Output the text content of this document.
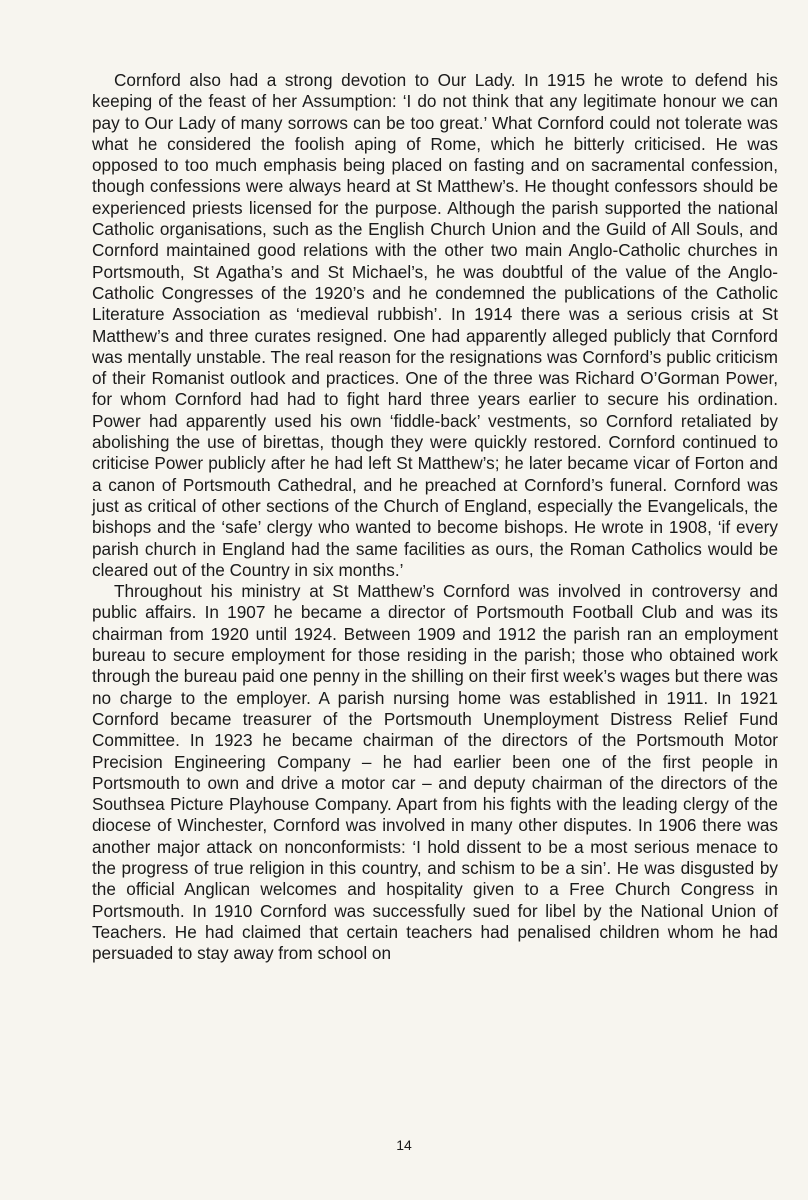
Cornford also had a strong devotion to Our Lady. In 1915 he wrote to defend his keeping of the feast of her Assumption: ‘I do not think that any legitimate honour we can pay to Our Lady of many sorrows can be too great.’ What Cornford could not tolerate was what he considered the foolish aping of Rome, which he bitterly criticised. He was opposed to too much emphasis being placed on fasting and on sacramental confession, though confessions were always heard at St Matthew’s. He thought confessors should be experienced priests licensed for the purpose. Although the parish supported the national Catholic organisations, such as the English Church Union and the Guild of All Souls, and Cornford maintained good relations with the other two main Anglo-Catholic churches in Portsmouth, St Agatha’s and St Michael’s, he was doubtful of the value of the Anglo-Catholic Congresses of the 1920’s and he condemned the publications of the Catholic Literature Association as ‘medieval rubbish’. In 1914 there was a serious crisis at St Matthew’s and three curates resigned. One had apparently alleged publicly that Cornford was mentally unstable. The real reason for the resignations was Cornford’s public criticism of their Romanist outlook and practices. One of the three was Richard O’Gorman Power, for whom Cornford had had to fight hard three years earlier to secure his ordination. Power had apparently used his own ‘fiddle-back’ vestments, so Cornford retaliated by abolishing the use of birettas, though they were quickly restored. Cornford continued to criticise Power publicly after he had left St Matthew’s; he later became vicar of Forton and a canon of Portsmouth Cathedral, and he preached at Cornford’s funeral. Cornford was just as critical of other sections of the Church of England, especially the Evangelicals, the bishops and the ‘safe’ clergy who wanted to become bishops. He wrote in 1908, ‘if every parish church in England had the same facilities as ours, the Roman Catholics would be cleared out of the Country in six months.’

Throughout his ministry at St Matthew’s Cornford was involved in controversy and public affairs. In 1907 he became a director of Portsmouth Football Club and was its chairman from 1920 until 1924. Between 1909 and 1912 the parish ran an employment bureau to secure employment for those residing in the parish; those who obtained work through the bureau paid one penny in the shilling on their first week’s wages but there was no charge to the employer. A parish nursing home was established in 1911. In 1921 Cornford became treasurer of the Portsmouth Unemployment Distress Relief Fund Committee. In 1923 he became chairman of the directors of the Portsmouth Motor Precision Engineering Company – he had earlier been one of the first people in Portsmouth to own and drive a motor car – and deputy chairman of the directors of the Southsea Picture Playhouse Company. Apart from his fights with the leading clergy of the diocese of Winchester, Cornford was involved in many other disputes. In 1906 there was another major attack on nonconformists: ‘I hold dissent to be a most serious menace to the progress of true religion in this country, and schism to be a sin’. He was disgusted by the official Anglican welcomes and hospitality given to a Free Church Congress in Portsmouth. In 1910 Cornford was successfully sued for libel by the National Union of Teachers. He had claimed that certain teachers had penalised children whom he had persuaded to stay away from school on

14
